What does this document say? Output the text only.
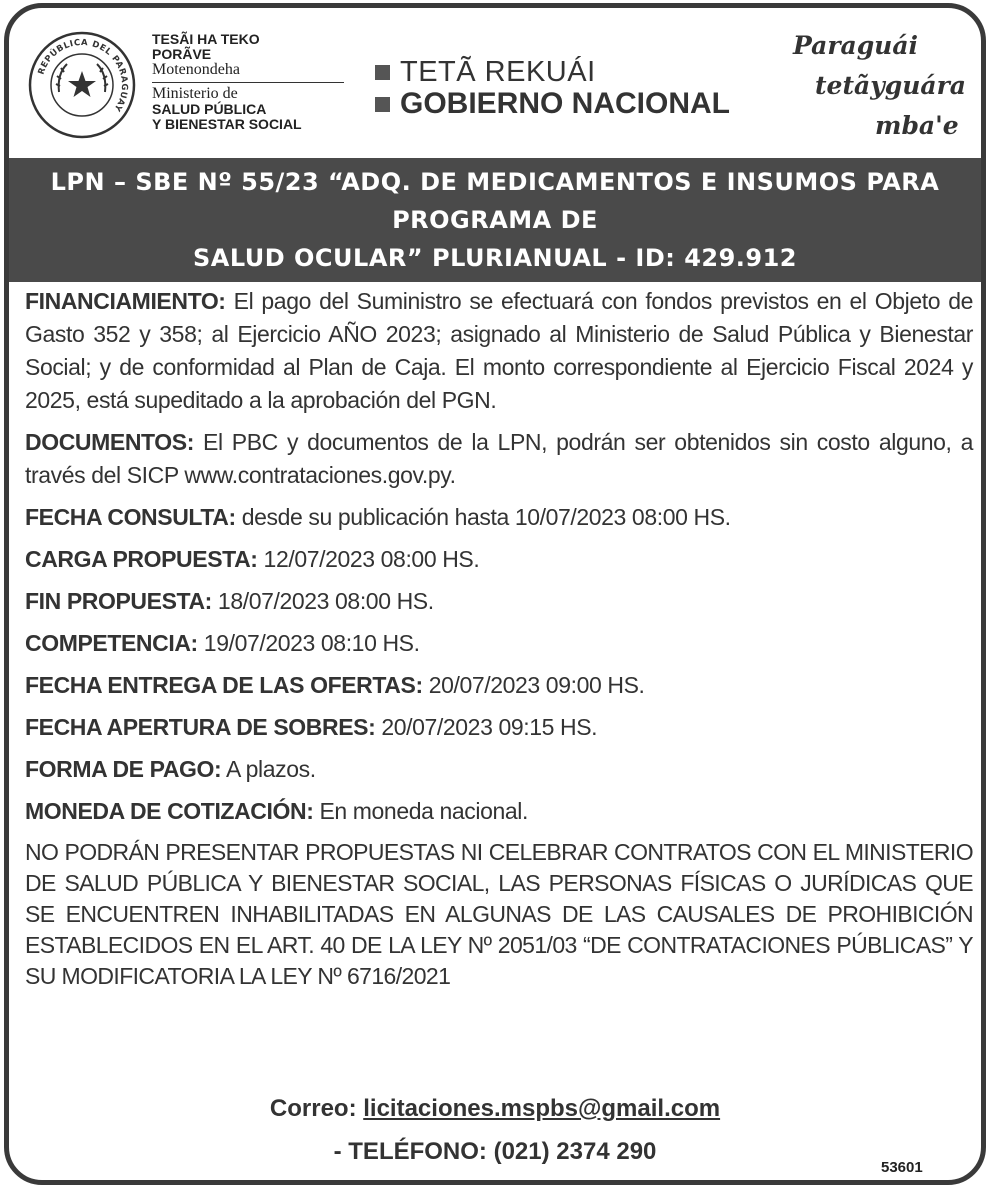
REPÚBLICA DEL PARAGUAY
TESÃI HA TEKO
PORÃVE
Motenondeha
Ministerio de
SALUD PÚBLICA
Y BIENESTAR SOCIAL
TETÃ REKUÁI
GOBIERNO NACIONAL
Paraguái
tetãyguára
mba'e
LPN – SBE Nº 55/23 “ADQ. DE MEDICAMENTOS E INSUMOS PARA PROGRAMA DE
SALUD OCULAR” PLURIANUAL - ID: 429.912

FINANCIAMIENTO: El pago del Suministro se efectuará con fondos previstos en el Objeto de Gasto 352 y 358; al Ejercicio AÑO 2023; asignado al Ministerio de Salud Pública y Bienestar Social; y de conformidad al Plan de Caja. El monto correspondiente al Ejercicio Fiscal 2024 y 2025, está supeditado a la aprobación del PGN.

DOCUMENTOS: El PBC y documentos de la LPN, podrán ser obtenidos sin costo alguno, a través del SICP www.contrataciones.gov.py.

FECHA CONSULTA: desde su publicación hasta 10/07/2023 08:00 HS.

CARGA PROPUESTA: 12/07/2023 08:00 HS.

FIN PROPUESTA: 18/07/2023 08:00 HS.

COMPETENCIA: 19/07/2023 08:10 HS.

FECHA ENTREGA DE LAS OFERTAS: 20/07/2023 09:00 HS.

FECHA APERTURA DE SOBRES: 20/07/2023 09:15 HS.

FORMA DE PAGO: A plazos.

MONEDA DE COTIZACIÓN: En moneda nacional.

NO PODRÁN PRESENTAR PROPUESTAS NI CELEBRAR CONTRATOS CON EL MINISTERIO DE SALUD PÚBLICA Y BIENESTAR SOCIAL, LAS PERSONAS FÍSICAS O JURÍDICAS QUE SE ENCUENTREN INHABILITADAS EN ALGUNAS DE LAS CAUSALES DE PROHIBICIÓN ESTABLECIDOS EN EL ART. 40 DE LA LEY Nº 2051/03 “DE CONTRATACIONES PÚBLICAS” Y SU MODIFICATORIA LA LEY Nº 6716/2021

Correo: licitaciones.mspbs@gmail.com
- TELÉFONO: (021) 2374 290
53601
